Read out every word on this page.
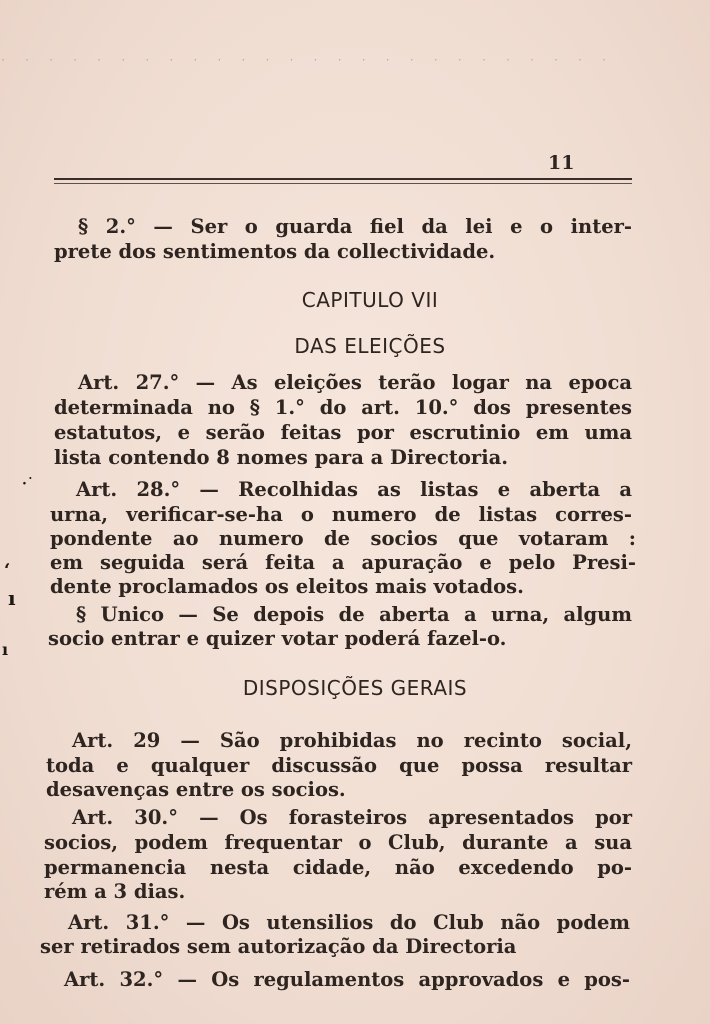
· · · · · · · · · · · · · · · · · · · · · · · · · ·
11
§ 2.° — Ser o guarda fiel da lei e o inter-
prete dos sentimentos da collectividade.
CAPITULO VII
DAS ELEIÇÕES
Art. 27.° — As eleições terão logar na epoca
determinada no § 1.° do art. 10.° dos presentes
estatutos, e serão feitas por escrutinio em uma
lista contendo 8 nomes para a Directoria.
Art. 28.° — Recolhidas as listas e aberta a
urna, verificar-se-ha o numero de listas corres-
pondente ao numero de socios que votaram :
em seguida será feita a apuração e pelo Presi-
dente proclamados os eleitos mais votados.
§ Unico — Se depois de aberta a urna, algum
socio entrar e quizer votar poderá fazel-o.
DISPOSIÇÕES GERAIS
Art. 29 — São prohibidas no recinto social,
toda e qualquer discussão que possa resultar
desavenças entre os socios.
Art. 30.° — Os forasteiros apresentados por
socios, podem frequentar o Club, durante a sua
permanencia nesta cidade, não excedendo po-
rém a 3 dias.
Art. 31.° — Os utensilios do Club não podem
ser retirados sem autorização da Directoria
Art. 32.° — Os regulamentos approvados e pos-
·˙
‘
ı
ı
